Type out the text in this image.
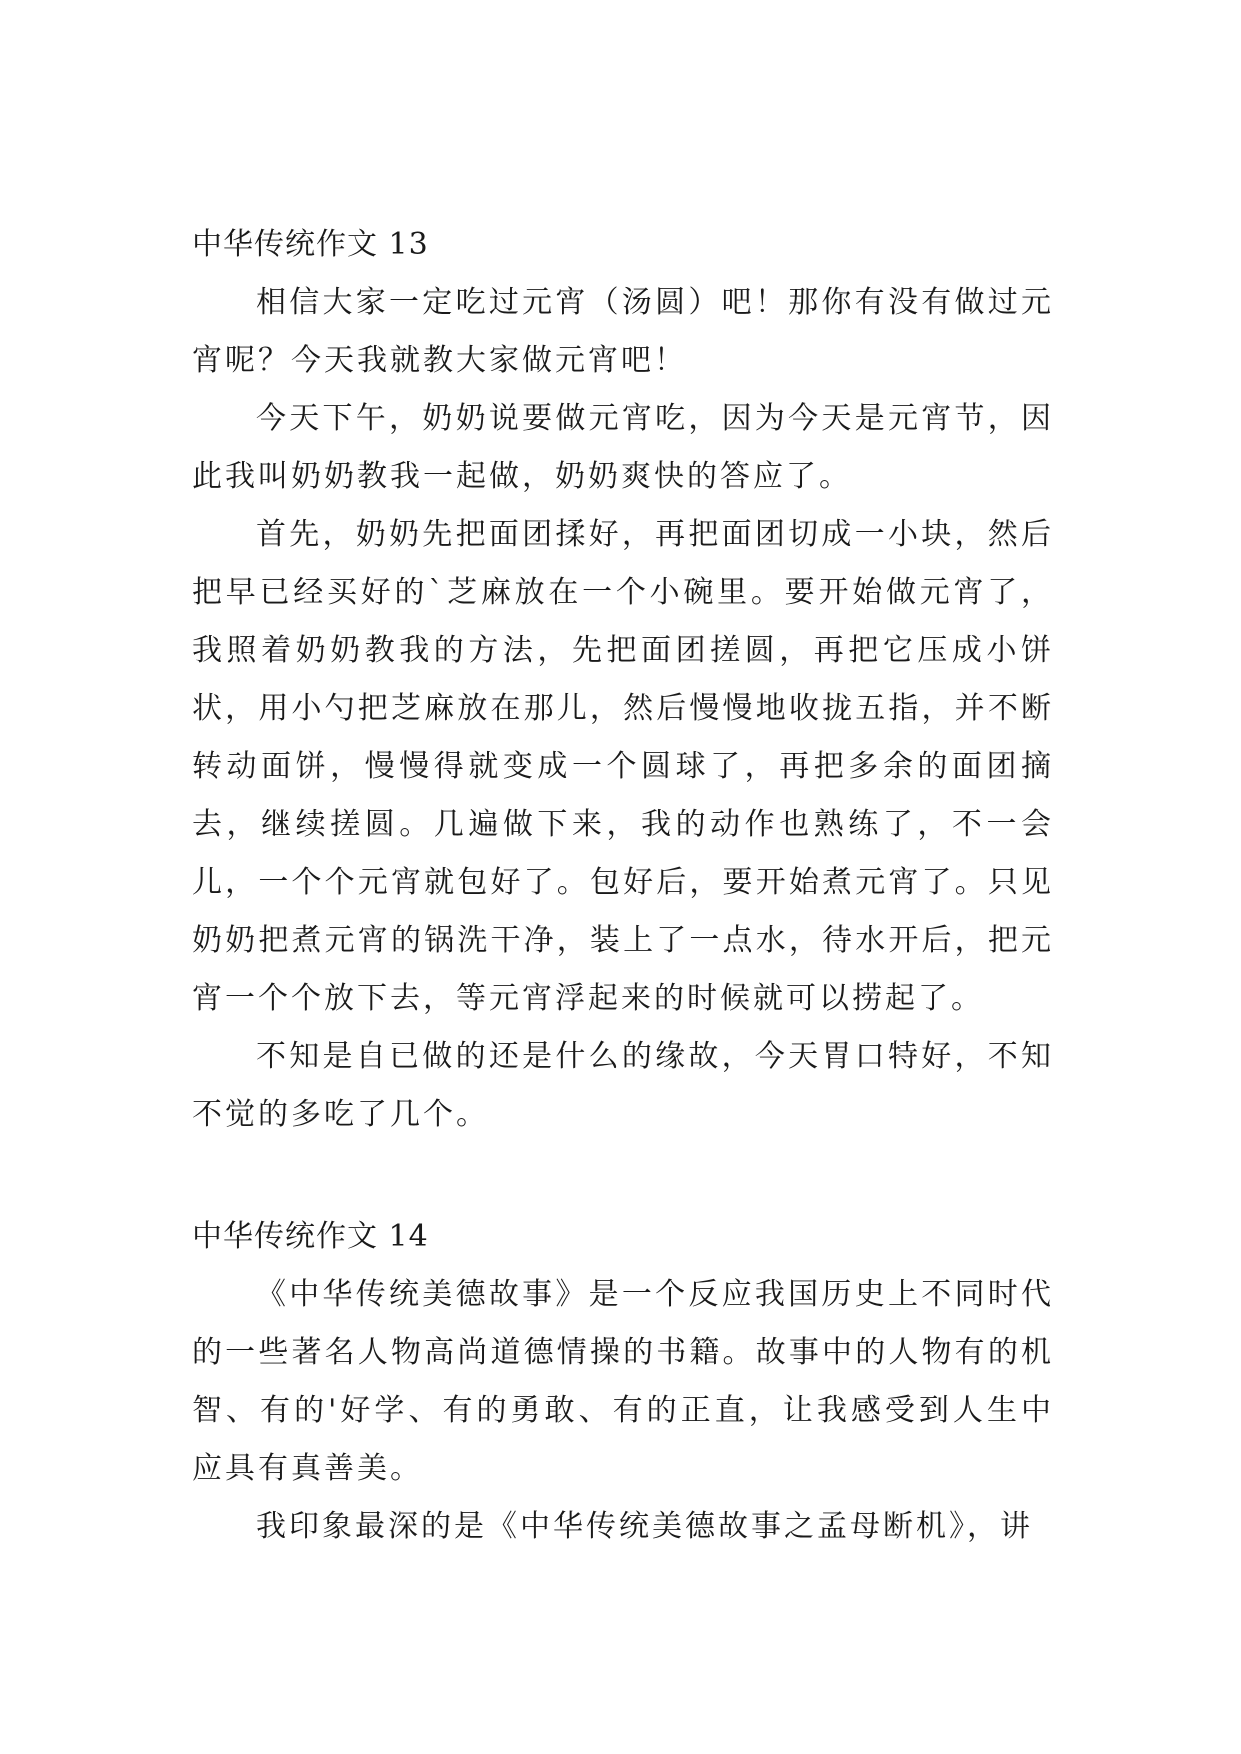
中华传统作文 13

相信大家一定吃过元宵（汤圆）吧！那你有没有做过元宵呢？今天我就教大家做元宵吧！

今天下午，奶奶说要做元宵吃，因为今天是元宵节，因此我叫奶奶教我一起做，奶奶爽快的答应了。

首先，奶奶先把面团揉好，再把面团切成一小块，然后把早已经买好的`芝麻放在一个小碗里。要开始做元宵了，我照着奶奶教我的方法，先把面团搓圆，再把它压成小饼状，用小勺把芝麻放在那儿，然后慢慢地收拢五指，并不断转动面饼，慢慢得就变成一个圆球了，再把多余的面团摘去，继续搓圆。几遍做下来，我的动作也熟练了，不一会儿，一个个元宵就包好了。包好后，要开始煮元宵了。只见奶奶把煮元宵的锅洗干净，装上了一点水，待水开后，把元宵一个个放下去，等元宵浮起来的时候就可以捞起了。

不知是自已做的还是什么的缘故，今天胃口特好，不知不觉的多吃了几个。

中华传统作文 14

《中华传统美德故事》是一个反应我国历史上不同时代的一些著名人物高尚道德情操的书籍。故事中的人物有的机智、有的'好学、有的勇敢、有的正直，让我感受到人生中应具有真善美。

我印象最深的是《中华传统美德故事之孟母断机》，讲
